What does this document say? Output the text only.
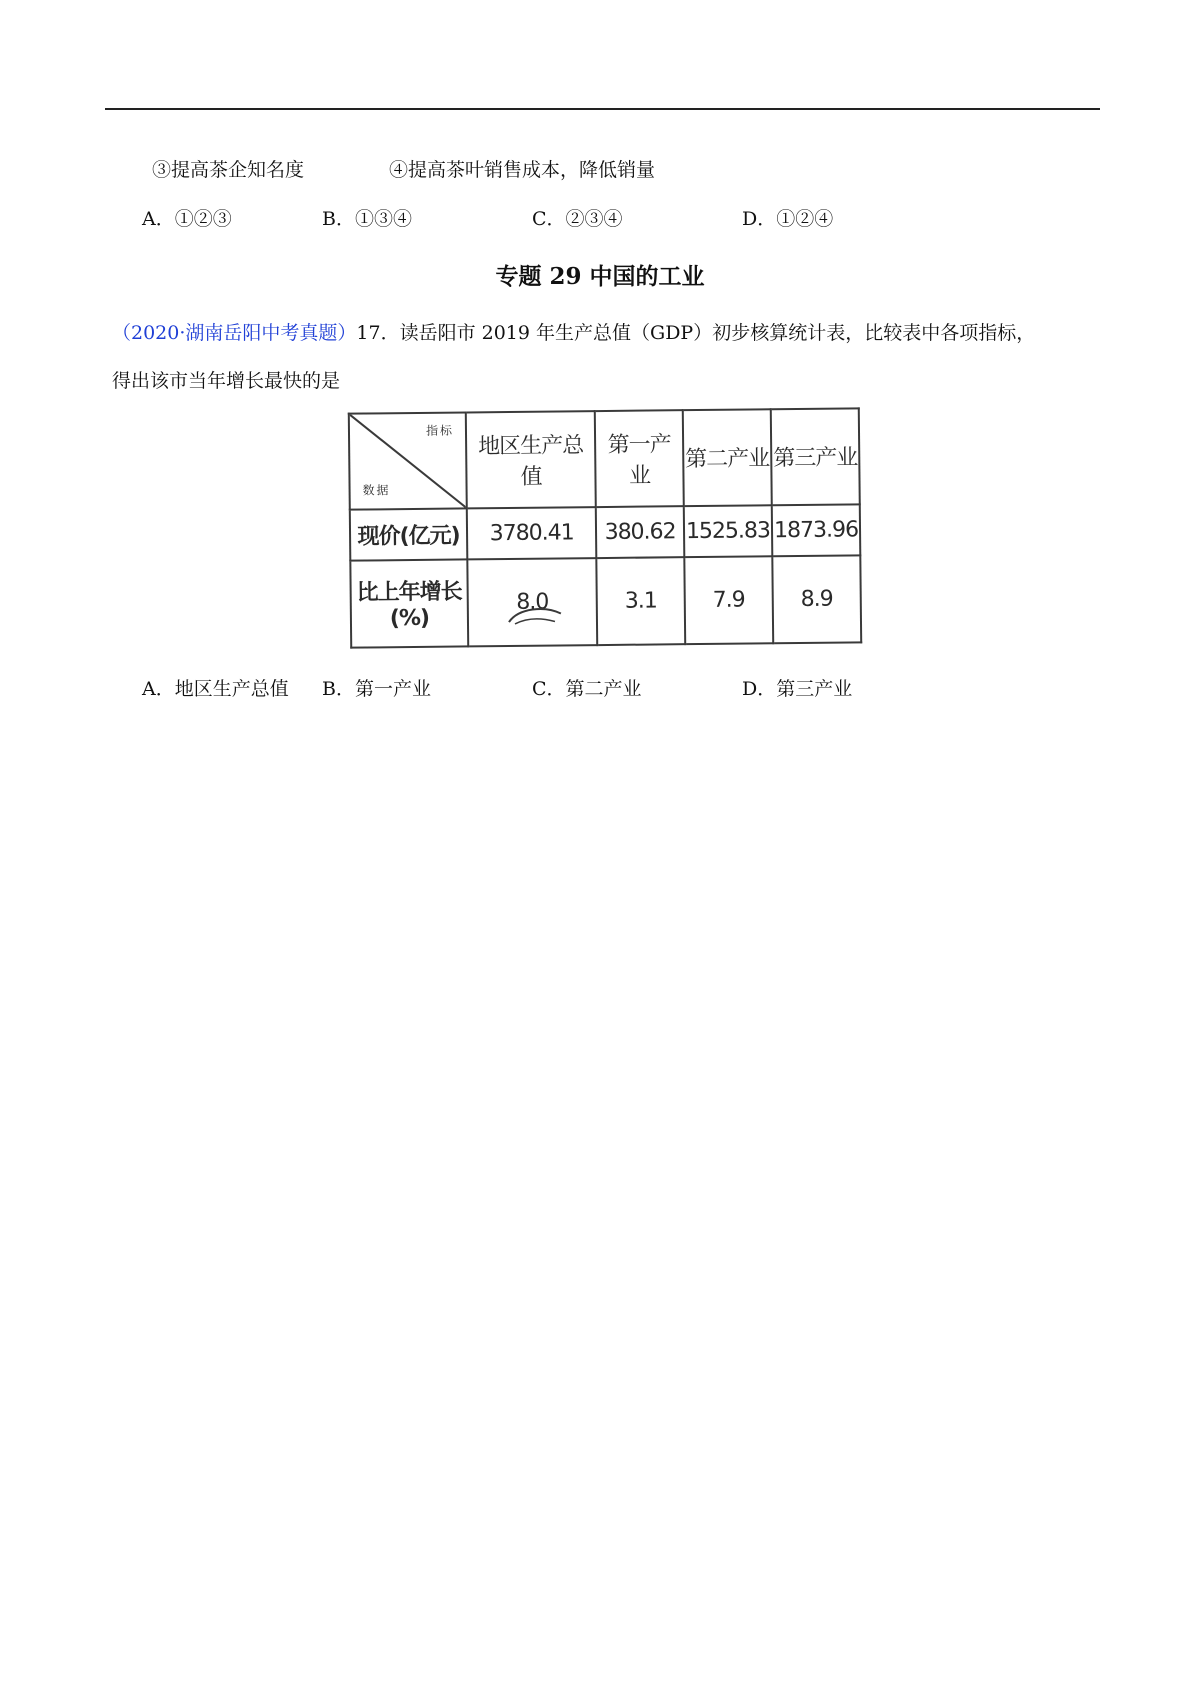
③提高茶企知名度	④提高茶叶销售成本，降低销量
A．①②③	B．①③④	C．②③④	D．①②④
专题 29 中国的工业
（2020·湖南岳阳中考真题）17．读岳阳市 2019 年生产总值（GDP）初步核算统计表，比较表中各项指标，
得出该市当年增长最快的是
指 标
数 据	地区生产总值	第一产业	第二产业	第三产业
现价(亿元)	3780.41	380.62	1525.83	1873.96
比上年增长(%)	8.0	3.1	7.9	8.9
A．地区生产总值 B．第一产业	C．第二产业	D．第三产业
